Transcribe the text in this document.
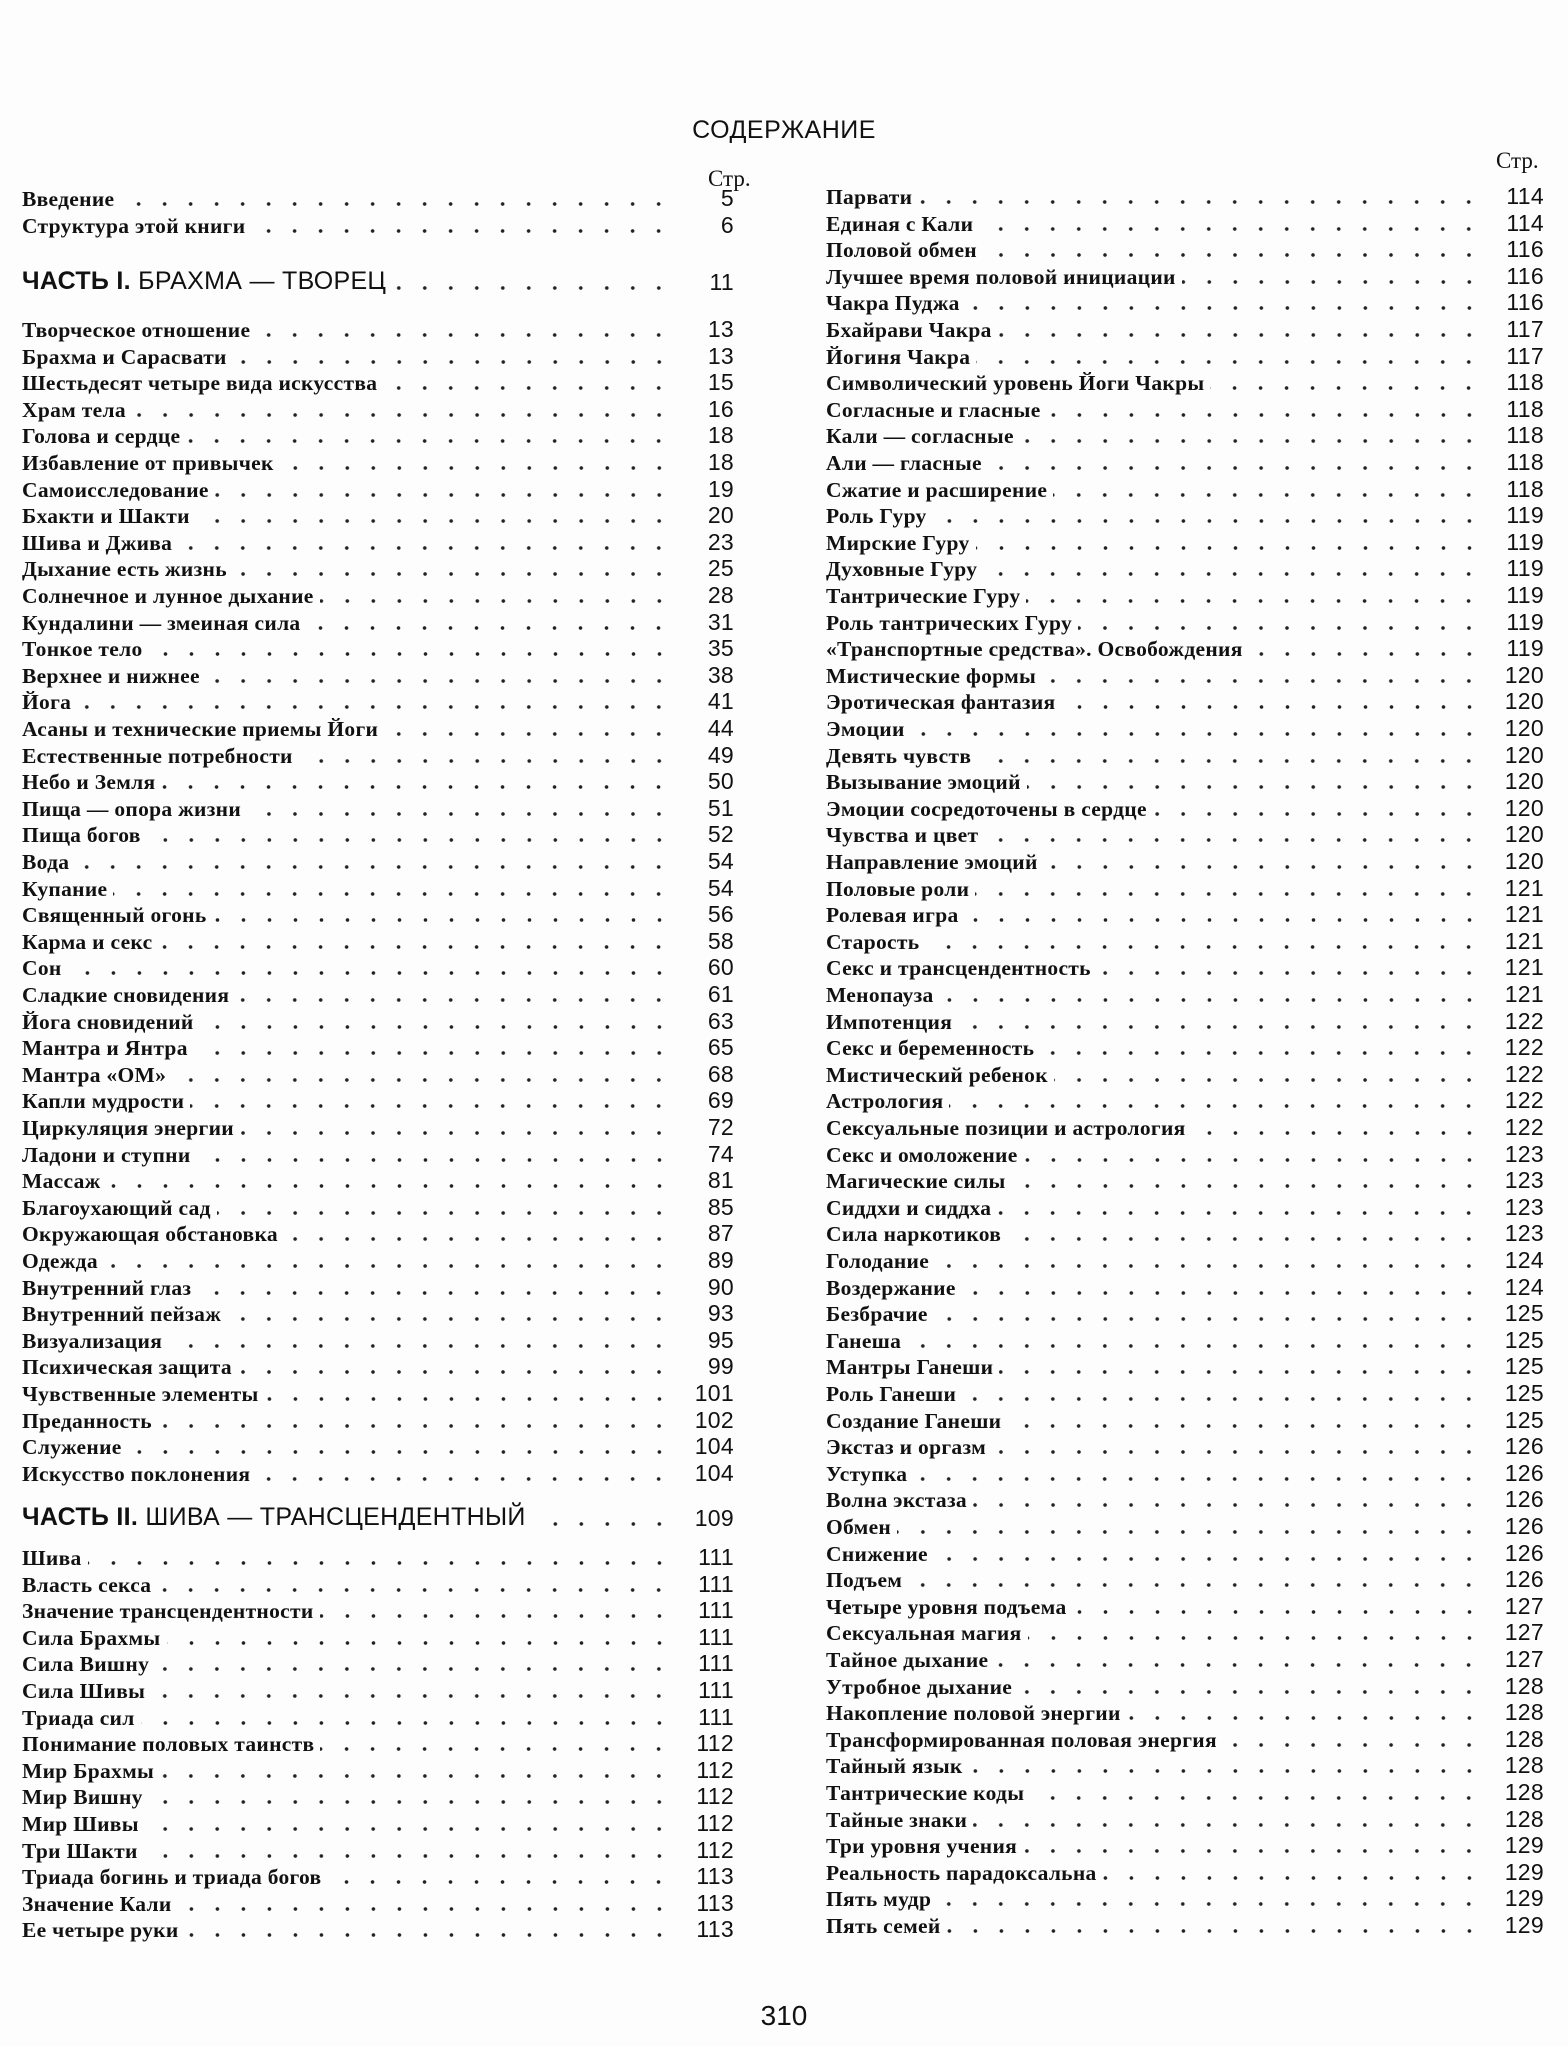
СОДЕРЖАНИЕ
Стр.
Стр.
Введение	5
Структура этой книги	6
ЧАСТЬ I. БРАХМА — ТВОРЕЦ	11
Творческое отношение	13
Брахма и Сарасвати	13
Шестьдесят четыре вида искусства	15
Храм тела	16
Голова и сердце	18
Избавление от привычек	18
Самоисследование	19
Бхакти и Шакти	20
Шива и Джива	23
Дыхание есть жизнь	25
Солнечное и лунное дыхание	28
Кундалини — змеиная сила	31
Тонкое тело	35
Верхнее и нижнее	38
Йога	41
Асаны и технические приемы Йоги	44
Естественные потребности	49
Небо и Земля	50
Пища — опора жизни	51
Пища богов	52
Вода	54
Купание	54
Священный огонь	56
Карма и секс	58
Сон	60
Сладкие сновидения	61
Йога сновидений	63
Мантра и Янтра	65
Мантра «ОМ»	68
Капли мудрости	69
Циркуляция энергии	72
Ладони и ступни	74
Массаж	81
Благоухающий сад	85
Окружающая обстановка	87
Одежда	89
Внутренний глаз	90
Внутренний пейзаж	93
Визуализация	95
Психическая защита	99
Чувственные элементы	101
Преданность	102
Служение	104
Искусство поклонения	104
ЧАСТЬ II. ШИВА — ТРАНСЦЕНДЕНТНЫЙ	109
Шива	111
Власть секса	111
Значение трансцендентности	111
Сила Брахмы	111
Сила Вишну	111
Сила Шивы	111
Триада сил	111
Понимание половых таинств	112
Мир Брахмы	112
Мир Вишну	112
Мир Шивы	112
Три Шакти	112
Триада богинь и триада богов	113
Значение Кали	113
Ее четыре руки	113
Парвати	114
Единая с Кали	114
Половой обмен	116
Лучшее время половой инициации	116
Чакра Пуджа	116
Бхайрави Чакра	117
Йогиня Чакра	117
Символический уровень Йоги Чакры	118
Согласные и гласные	118
Кали — согласные	118
Али — гласные	118
Сжатие и расширение	118
Роль Гуру	119
Мирские Гуру	119
Духовные Гуру	119
Тантрические Гуру	119
Роль тантрических Гуру	119
«Транспортные средства». Освобождения	119
Мистические формы	120
Эротическая фантазия	120
Эмоции	120
Девять чувств	120
Вызывание эмоций	120
Эмоции сосредоточены в сердце	120
Чувства и цвет	120
Направление эмоций	120
Половые роли	121
Ролевая игра	121
Старость	121
Секс и трансцендентность	121
Менопауза	121
Импотенция	122
Секс и беременность	122
Мистический ребенок	122
Астрология	122
Сексуальные позиции и астрология	122
Секс и омоложение	123
Магические силы	123
Сиддхи и сиддха	123
Сила наркотиков	123
Голодание	124
Воздержание	124
Безбрачие	125
Ганеша	125
Мантры Ганеши	125
Роль Ганеши	125
Создание Ганеши	125
Экстаз и оргазм	126
Уступка	126
Волна экстаза	126
Обмен	126
Снижение	126
Подъем	126
Четыре уровня подъема	127
Сексуальная магия	127
Тайное дыхание	127
Утробное дыхание	128
Накопление половой энергии	128
Трансформированная половая энергия	128
Тайный язык	128
Тантрические коды	128
Тайные знаки	128
Три уровня учения	129
Реальность парадоксальна	129
Пять мудр	129
Пять семей	129
310
